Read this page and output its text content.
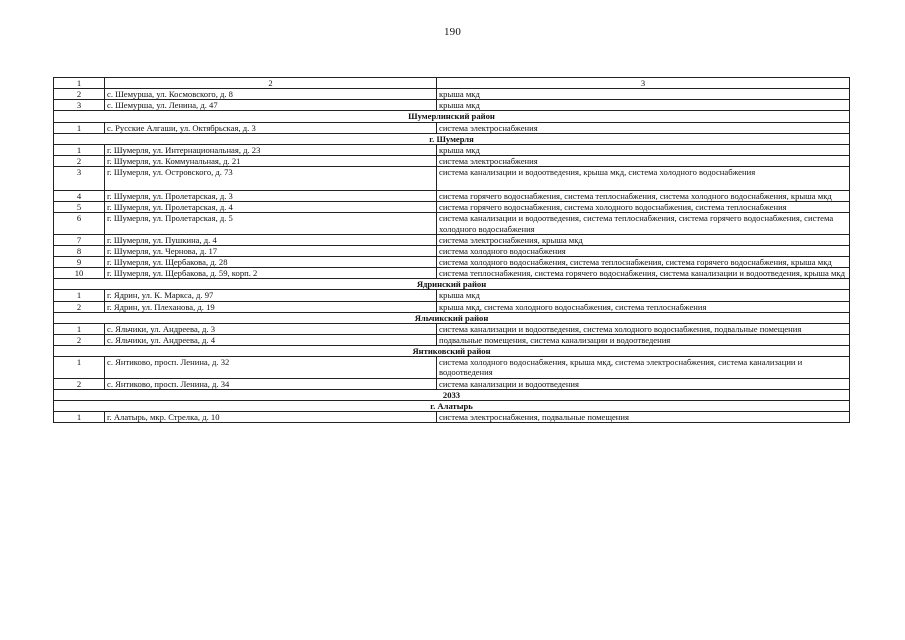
190
1	2	3
2	с. Шемурша, ул. Космовского, д. 8	крыша мкд
3	с. Шемурша, ул. Ленина, д. 47	крыша мкд
Шумерлинский район		
1	с. Русские Алгаши, ул. Октябрьская, д. 3	система электроснабжения
г. Шумерля		
1	г. Шумерля, ул. Интернациональная, д. 23	крыша мкд
2	г. Шумерля, ул. Коммунальная, д. 21	система электроснабжения
3	г. Шумерля, ул. Островского, д. 73	система канализации и водоотведения, крыша мкд, система холодного водоснабжения
4	г. Шумерля, ул. Пролетарская, д. 3	система горячего водоснабжения, система теплоснабжения, система холодного водоснабжения, крыша мкд
5	г. Шумерля, ул. Пролетарская, д. 4	система горячего водоснабжения, система холодного водоснабжения, система теплоснабжения
6	г. Шумерля, ул. Пролетарская, д. 5	система канализации и водоотведения, система теплоснабжения, система горячего водоснабжения, система холодного водоснабжения
7	г. Шумерля, ул. Пушкина, д. 4	система электроснабжения, крыша мкд
8	г. Шумерля, ул. Чернова, д. 17	система холодного водоснабжения
9	г. Шумерля, ул. Щербакова, д. 28	система холодного водоснабжения, система теплоснабжения, система горячего водоснабжения, крыша мкд
10	г. Шумерля, ул. Щербакова, д. 59, корп. 2	система теплоснабжения, система горячего водоснабжения, система канализации и водоотведения, крыша мкд
Ядринский район		
1	г. Ядрин, ул. К. Маркса, д. 97	крыша мкд
2	г. Ядрин, ул. Плеханова, д. 19	крыша мкд, система холодного водоснабжения, система теплоснабжения
Яльчикский район		
1	с. Яльчики, ул. Андреева, д. 3	система канализации и водоотведения, система холодного водоснабжения, подвальные помещения
2	с. Яльчики, ул. Андреева, д. 4	подвальные помещения, система канализации и водоотведения
Янтиковский район		
1	с. Янтиково, просп. Ленина, д. 32	система холодного водоснабжения, крыша мкд, система электроснабжения, система канализации и водоотведения
2	с. Янтиково, просп. Ленина, д. 34	система канализации и водоотведения
2033		
г. Алатырь		
1	г. Алатырь, мкр. Стрелка, д. 10	система электроснабжения, подвальные помещения
